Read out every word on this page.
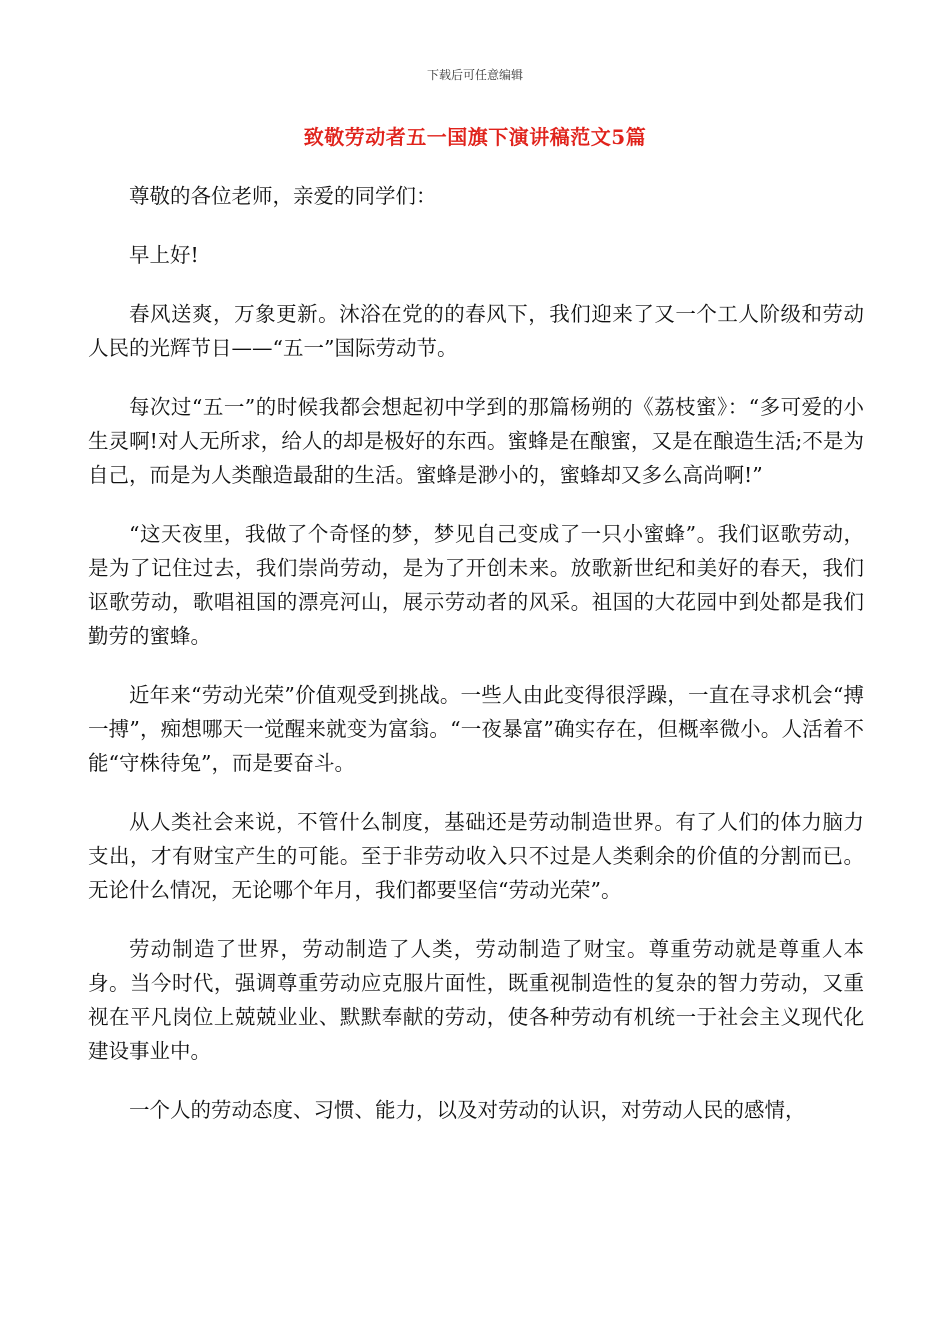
下载后可任意编辑
致敬劳动者五一国旗下演讲稿范文5篇

尊敬的各位老师，亲爱的同学们：

早上好!

春风送爽，万象更新。沐浴在党的的春风下，我们迎来了又一个工人阶级和劳动人民的光辉节日——“五一”国际劳动节。

每次过“五一”的时候我都会想起初中学到的那篇杨朔的《荔枝蜜》：“多可爱的小生灵啊!对人无所求，给人的却是极好的东西。蜜蜂是在酿蜜，又是在酿造生活;不是为自己，而是为人类酿造最甜的生活。蜜蜂是渺小的，蜜蜂却又多么高尚啊!”

“这天夜里，我做了个奇怪的梦，梦见自己变成了一只小蜜蜂”。我们讴歌劳动，是为了记住过去，我们崇尚劳动，是为了开创未来。放歌新世纪和美好的春天，我们讴歌劳动，歌唱祖国的漂亮河山，展示劳动者的风采。祖国的大花园中到处都是我们勤劳的蜜蜂。

近年来“劳动光荣”价值观受到挑战。一些人由此变得很浮躁，一直在寻求机会“搏一搏”，痴想哪天一觉醒来就变为富翁。“一夜暴富”确实存在，但概率微小。人活着不能“守株待兔”，而是要奋斗。

从人类社会来说，不管什么制度，基础还是劳动制造世界。有了人们的体力脑力支出，才有财宝产生的可能。至于非劳动收入只不过是人类剩余的价值的分割而已。无论什么情况，无论哪个年月，我们都要坚信“劳动光荣”。

劳动制造了世界，劳动制造了人类，劳动制造了财宝。尊重劳动就是尊重人本身。当今时代，强调尊重劳动应克服片面性，既重视制造性的复杂的智力劳动，又重视在平凡岗位上兢兢业业、默默奉献的劳动，使各种劳动有机统一于社会主义现代化建设事业中。

一个人的劳动态度、习惯、能力，以及对劳动的认识，对劳动人民的感情，
